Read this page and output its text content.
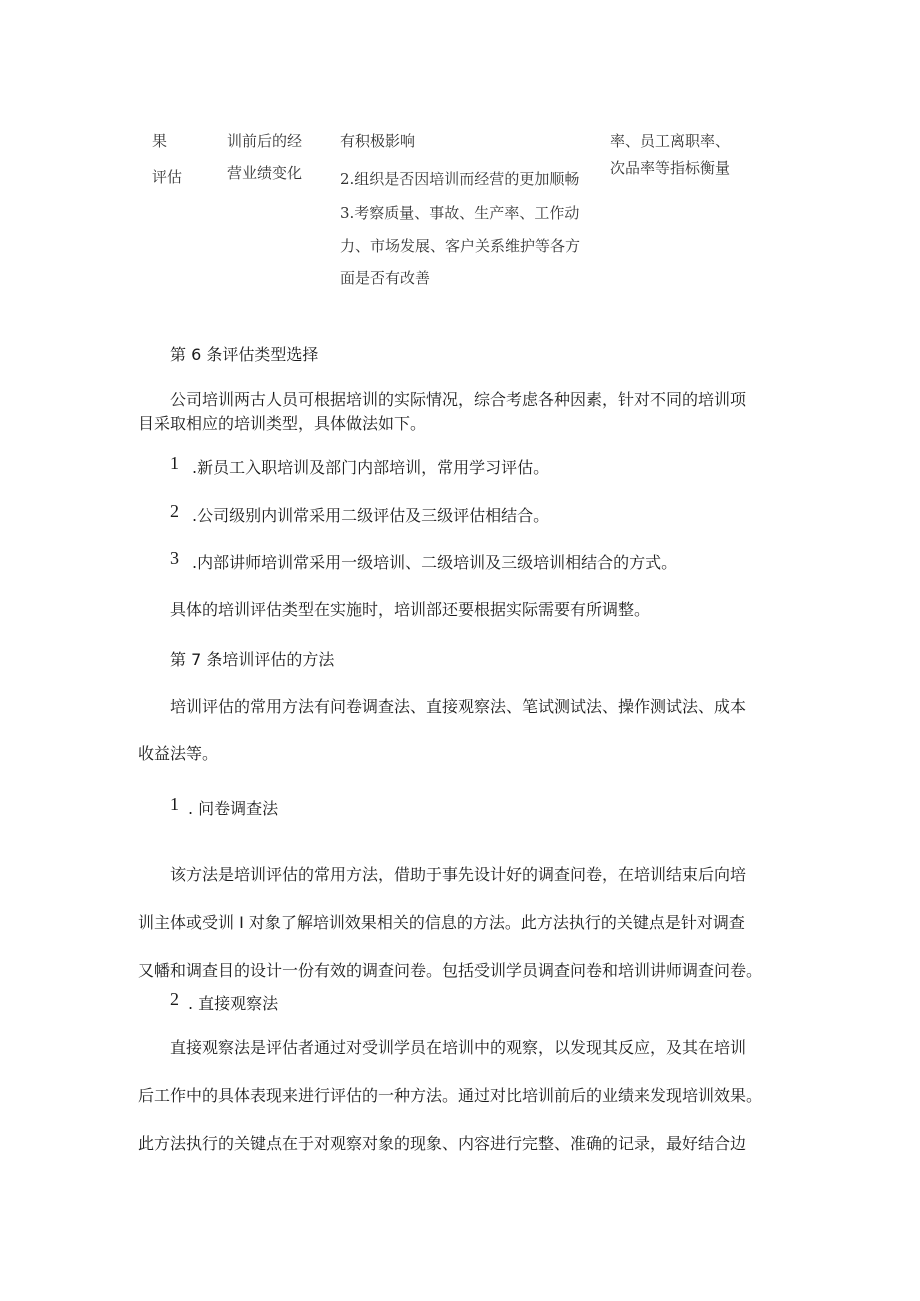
果

评估

训前后的经

营业绩变化

有积极影响

2.组织是否因培训而经营的更加顺畅

3.考察质量、事故、生产率、工作动

力、市场发展、客户关系维护等各方

面是否有改善

率、员工离职率、

次品率等指标衡量

第 6 条评估类型选择

公司培训两古人员可根据培训的实际情况，综合考虑各种因素，针对不同的培训项

目采取相应的培训类型，具体做法如下。

1 .新员工入职培训及部门内部培训，常用学习评估。
2 .公司级别内训常采用二级评估及三级评估相结合。
3 .内部讲师培训常采用一级培训、二级培训及三级培训相结合的方式。

具体的培训评估类型在实施时，培训部还要根据实际需要有所调整。

第 7 条培训评估的方法

培训评估的常用方法有问卷调查法、直接观察法、笔试测试法、操作测试法、成本

收益法等。

1 . 问卷调查法

该方法是培训评估的常用方法，借助于事先设计好的调查问卷，在培训结束后向培

训主体或受训 I 对象了解培训效果相关的信息的方法。此方法执行的关键点是针对调查

又幡和调查目的设计一份有效的调查问卷。包括受训学员调查问卷和培训讲师调查问卷。

2 . 直接观察法

直接观察法是评估者通过对受训学员在培训中的观察，以发现其反应，及其在培训

后工作中的具体表现来进行评估的一种方法。通过对比培训前后的业绩来发现培训效果。

此方法执行的关键点在于对观察对象的现象、内容进行完整、准确的记录，最好结合边
